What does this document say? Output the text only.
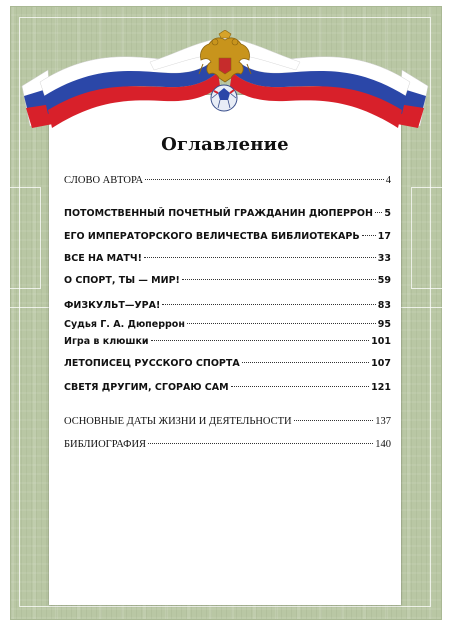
Оглавление
СЛОВО АВТОРА	4
ПОТОМСТВЕННЫЙ ПОЧЕТНЫЙ ГРАЖДАНИН ДЮПЕРРОН 5
ЕГО ИМПЕРАТОРСКОГО ВЕЛИЧЕСТВА БИБЛИОТЕКАРЬ 17
ВСЕ НА МАТЧ!	33
О СПОРТ, ТЫ — МИР!	59
ФИЗКУЛЬТ—УРА!	83
Судья Г. А. Дюперрон	95
Игра в клюшки	101
ЛЕТОПИСЕЦ РУССКОГО СПОРТА	107
СВЕТЯ ДРУГИМ, СГОРАЮ САМ	121
ОСНОВНЫЕ ДАТЫ ЖИЗНИ И ДЕЯТЕЛЬНОСТИ	137
БИБЛИОГРАФИЯ	140
